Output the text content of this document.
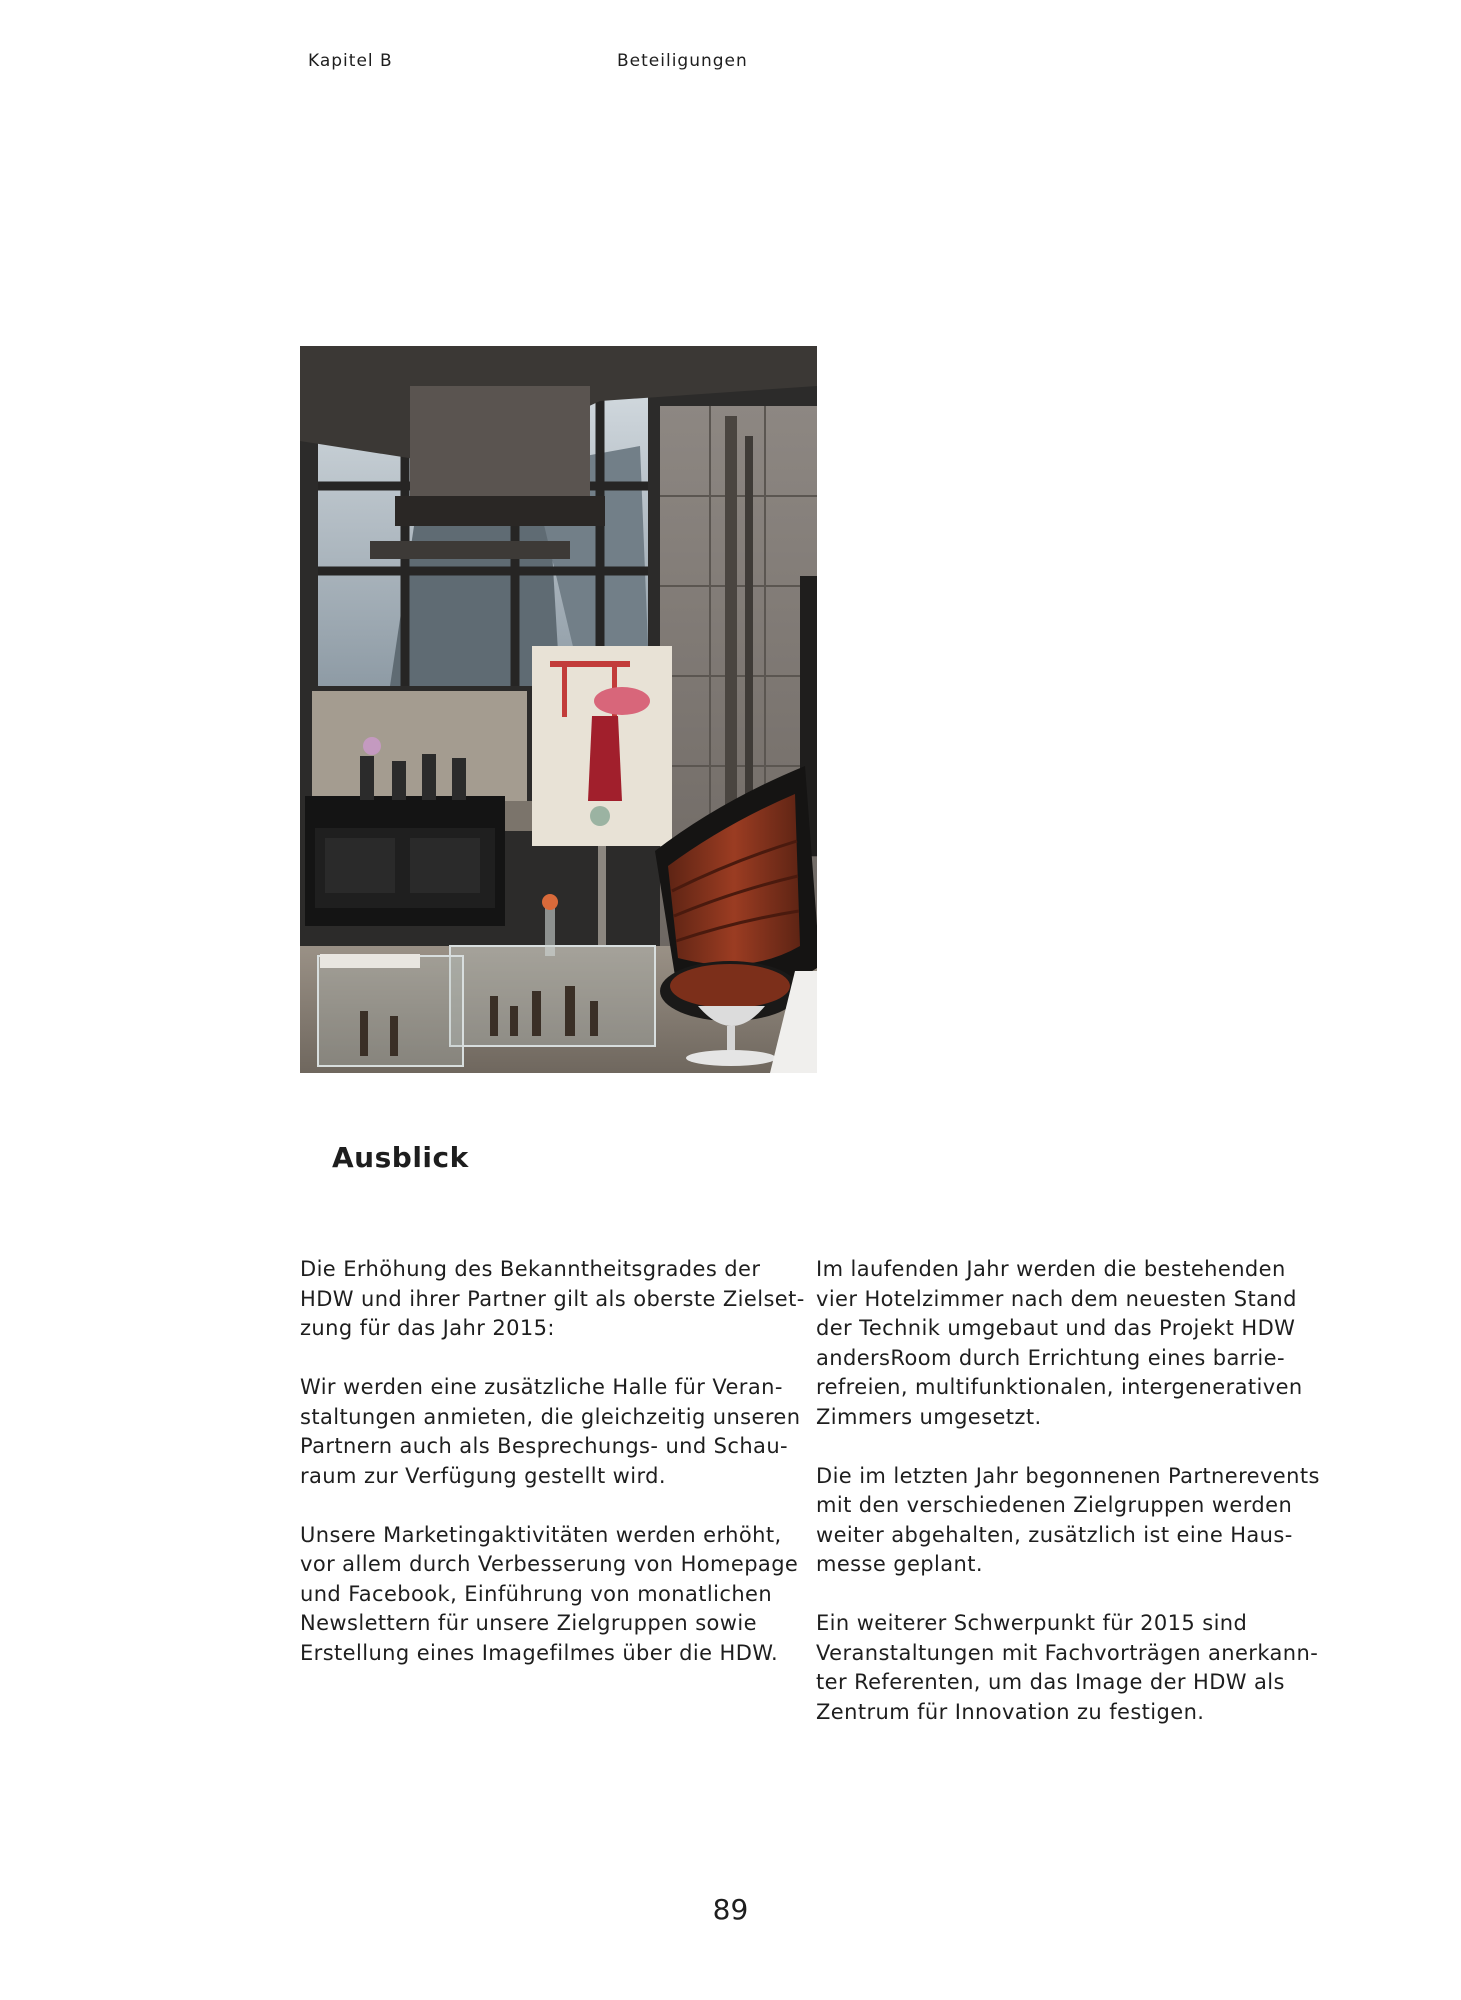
Kapitel B	Beteiligungen
Ausblick

Die Erhöhung des Bekanntheitsgrades der
HDW und ihrer Partner gilt als oberste Zielset-
zung für das Jahr 2015:

Wir werden eine zusätzliche Halle für Veran-
staltungen anmieten, die gleichzeitig unseren
Partnern auch als Besprechungs- und Schau-
raum zur Verfügung gestellt wird.

Unsere Marketingaktivitäten werden erhöht,
vor allem durch Verbesserung von Homepage
und Facebook, Einführung von monatlichen
Newslettern für unsere Zielgruppen sowie
Erstellung eines Imagefilmes über die HDW.

Im laufenden Jahr werden die bestehenden
vier Hotelzimmer nach dem neuesten Stand
der Technik umgebaut und das Projekt HDW
andersRoom durch Errichtung eines barrie-
refreien, multifunktionalen, intergenerativen
Zimmers umgesetzt.

Die im letzten Jahr begonnenen Partnerevents
mit den verschiedenen Zielgruppen werden
weiter abgehalten, zusätzlich ist eine Haus-
messe geplant.

Ein weiterer Schwerpunkt für 2015 sind
Veranstaltungen mit Fachvorträgen anerkann-
ter Referenten, um das Image der HDW als
Zentrum für Innovation zu festigen.

89
